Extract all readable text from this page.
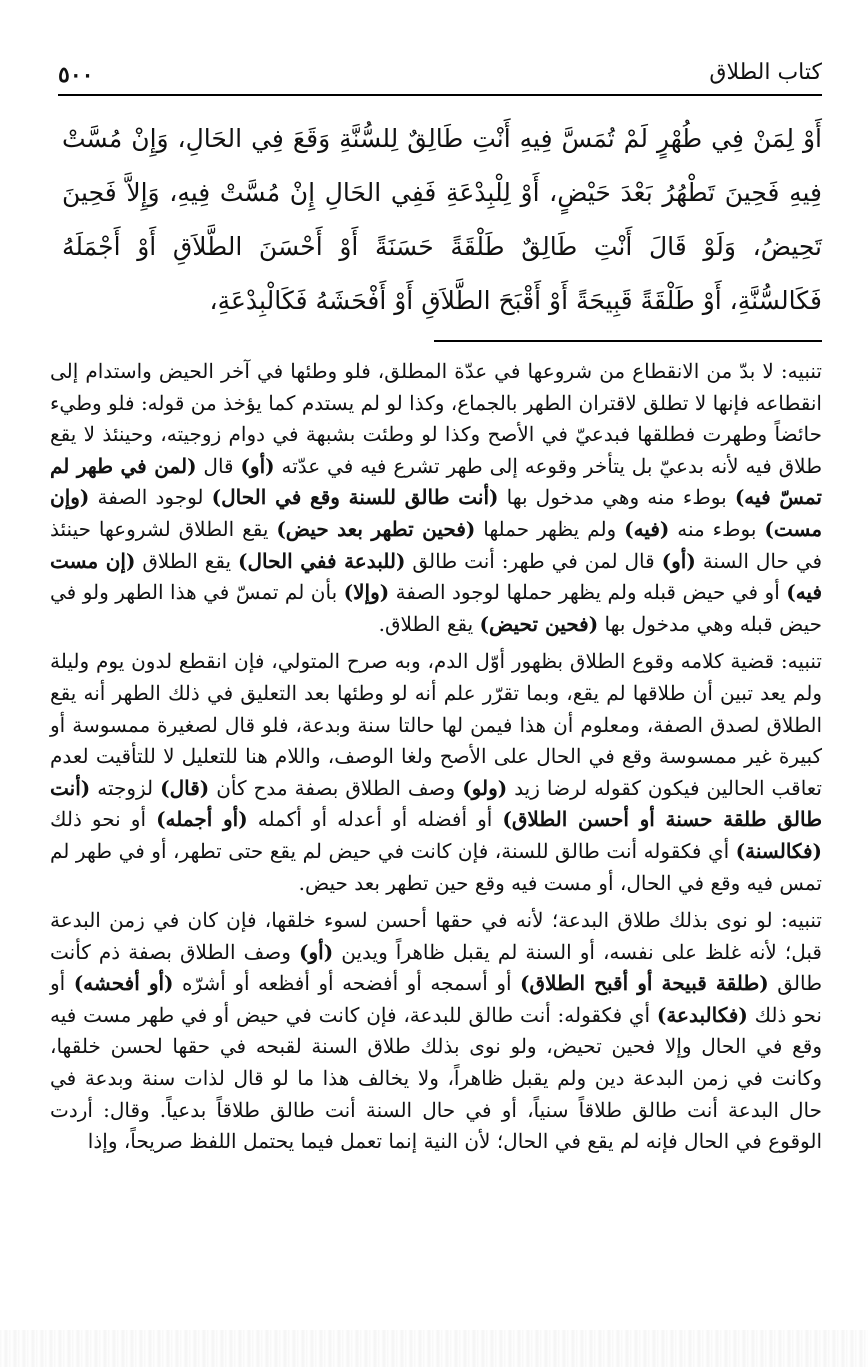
كتاب الطلاق
٥٠٠

أَوْ لِمَنْ فِي طُهْرٍ لَمْ تُمَسَّ فِيهِ أَنْتِ طَالِقٌ لِلسُّنَّةِ وَقَعَ فِي الحَالِ، وَإِنْ مُسَّتْ فِيهِ فَحِينَ تَطْهُرُ بَعْدَ حَيْضٍ، أَوْ لِلْبِدْعَةِ فَفِي الحَالِ إِنْ مُسَّتْ فِيهِ، وَإِلاَّ فَحِينَ تَحِيضُ، وَلَوْ قَالَ أَنْتِ طَالِقٌ طَلْقَةً حَسَنَةً أَوْ أَحْسَنَ الطَّلاَقِ أَوْ أَجْمَلَهُ فَكَالسُّنَّةِ، أَوْ طَلْقَةً قَبِيحَةً أَوْ أَقْبَحَ الطَّلاَقِ أَوْ أَفْحَشَهُ فَكَالْبِدْعَةِ،

تنبيه: لا بدّ من الانقطاع من شروعها في عدّة المطلق، فلو وطئها في آخر الحيض واستدام إلى انقطاعه فإنها لا تطلق لاقتران الطهر بالجماع، وكذا لو لم يستدم كما يؤخذ من قوله: فلو وطيء حائضاً وطهرت فطلقها فبدعيّ في الأصح وكذا لو وطئت بشبهة في دوام زوجيته، وحينئذ لا يقع طلاق فيه لأنه بدعيّ بل يتأخر وقوعه إلى طهر تشرع فيه في عدّته (أو) قال (لمن في طهر لم تمسّ فيه) بوطء منه وهي مدخول بها (أنت طالق للسنة وقع في الحال) لوجود الصفة (وإن مست) بوطء منه (فيه) ولم يظهر حملها (فحين تطهر بعد حيض) يقع الطلاق لشروعها حينئذ في حال السنة (أو) قال لمن في طهر: أنت طالق (للبدعة ففي الحال) يقع الطلاق (إن مست فيه) أو في حيض قبله ولم يظهر حملها لوجود الصفة (وإلا) بأن لم تمسّ في هذا الطهر ولو في حيض قبله وهي مدخول بها (فحين تحيض) يقع الطلاق.

تنبيه: قضية كلامه وقوع الطلاق بظهور أوّل الدم، وبه صرح المتولي، فإن انقطع لدون يوم وليلة ولم يعد تبين أن طلاقها لم يقع، وبما تقرّر علم أنه لو وطئها بعد التعليق في ذلك الطهر أنه يقع الطلاق لصدق الصفة، ومعلوم أن هذا فيمن لها حالتا سنة وبدعة، فلو قال لصغيرة ممسوسة أو كبيرة غير ممسوسة وقع في الحال على الأصح ولغا الوصف، واللام هنا للتعليل لا للتأقيت لعدم تعاقب الحالين فيكون كقوله لرضا زيد (ولو) وصف الطلاق بصفة مدح كأن (قال) لزوجته (أنت طالق طلقة حسنة أو أحسن الطلاق) أو أفضله أو أعدله أو أكمله (أو أجمله) أو نحو ذلك (فكالسنة) أي فكقوله أنت طالق للسنة، فإن كانت في حيض لم يقع حتى تطهر، أو في طهر لم تمس فيه وقع في الحال، أو مست فيه وقع حين تطهر بعد حيض.

تنبيه: لو نوى بذلك طلاق البدعة؛ لأنه في حقها أحسن لسوء خلقها، فإن كان في زمن البدعة قبل؛ لأنه غلظ على نفسه، أو السنة لم يقبل ظاهراً ويدين (أو) وصف الطلاق بصفة ذم كأنت طالق (طلقة قبيحة أو أقبح الطلاق) أو أسمجه أو أفضحه أو أفظعه أو أشرّه (أو أفحشه) أو نحو ذلك (فكالبدعة) أي فكقوله: أنت طالق للبدعة، فإن كانت في حيض أو في طهر مست فيه وقع في الحال وإلا فحين تحيض، ولو نوى بذلك طلاق السنة لقبحه في حقها لحسن خلقها، وكانت في زمن البدعة دين ولم يقبل ظاهراً، ولا يخالف هذا ما لو قال لذات سنة وبدعة في حال البدعة أنت طالق طلاقاً سنياً، أو في حال السنة أنت طالق طلاقاً بدعياً. وقال: أردت الوقوع في الحال فإنه لم يقع في الحال؛ لأن النية إنما تعمل فيما يحتمل اللفظ صريحاً، وإذا
